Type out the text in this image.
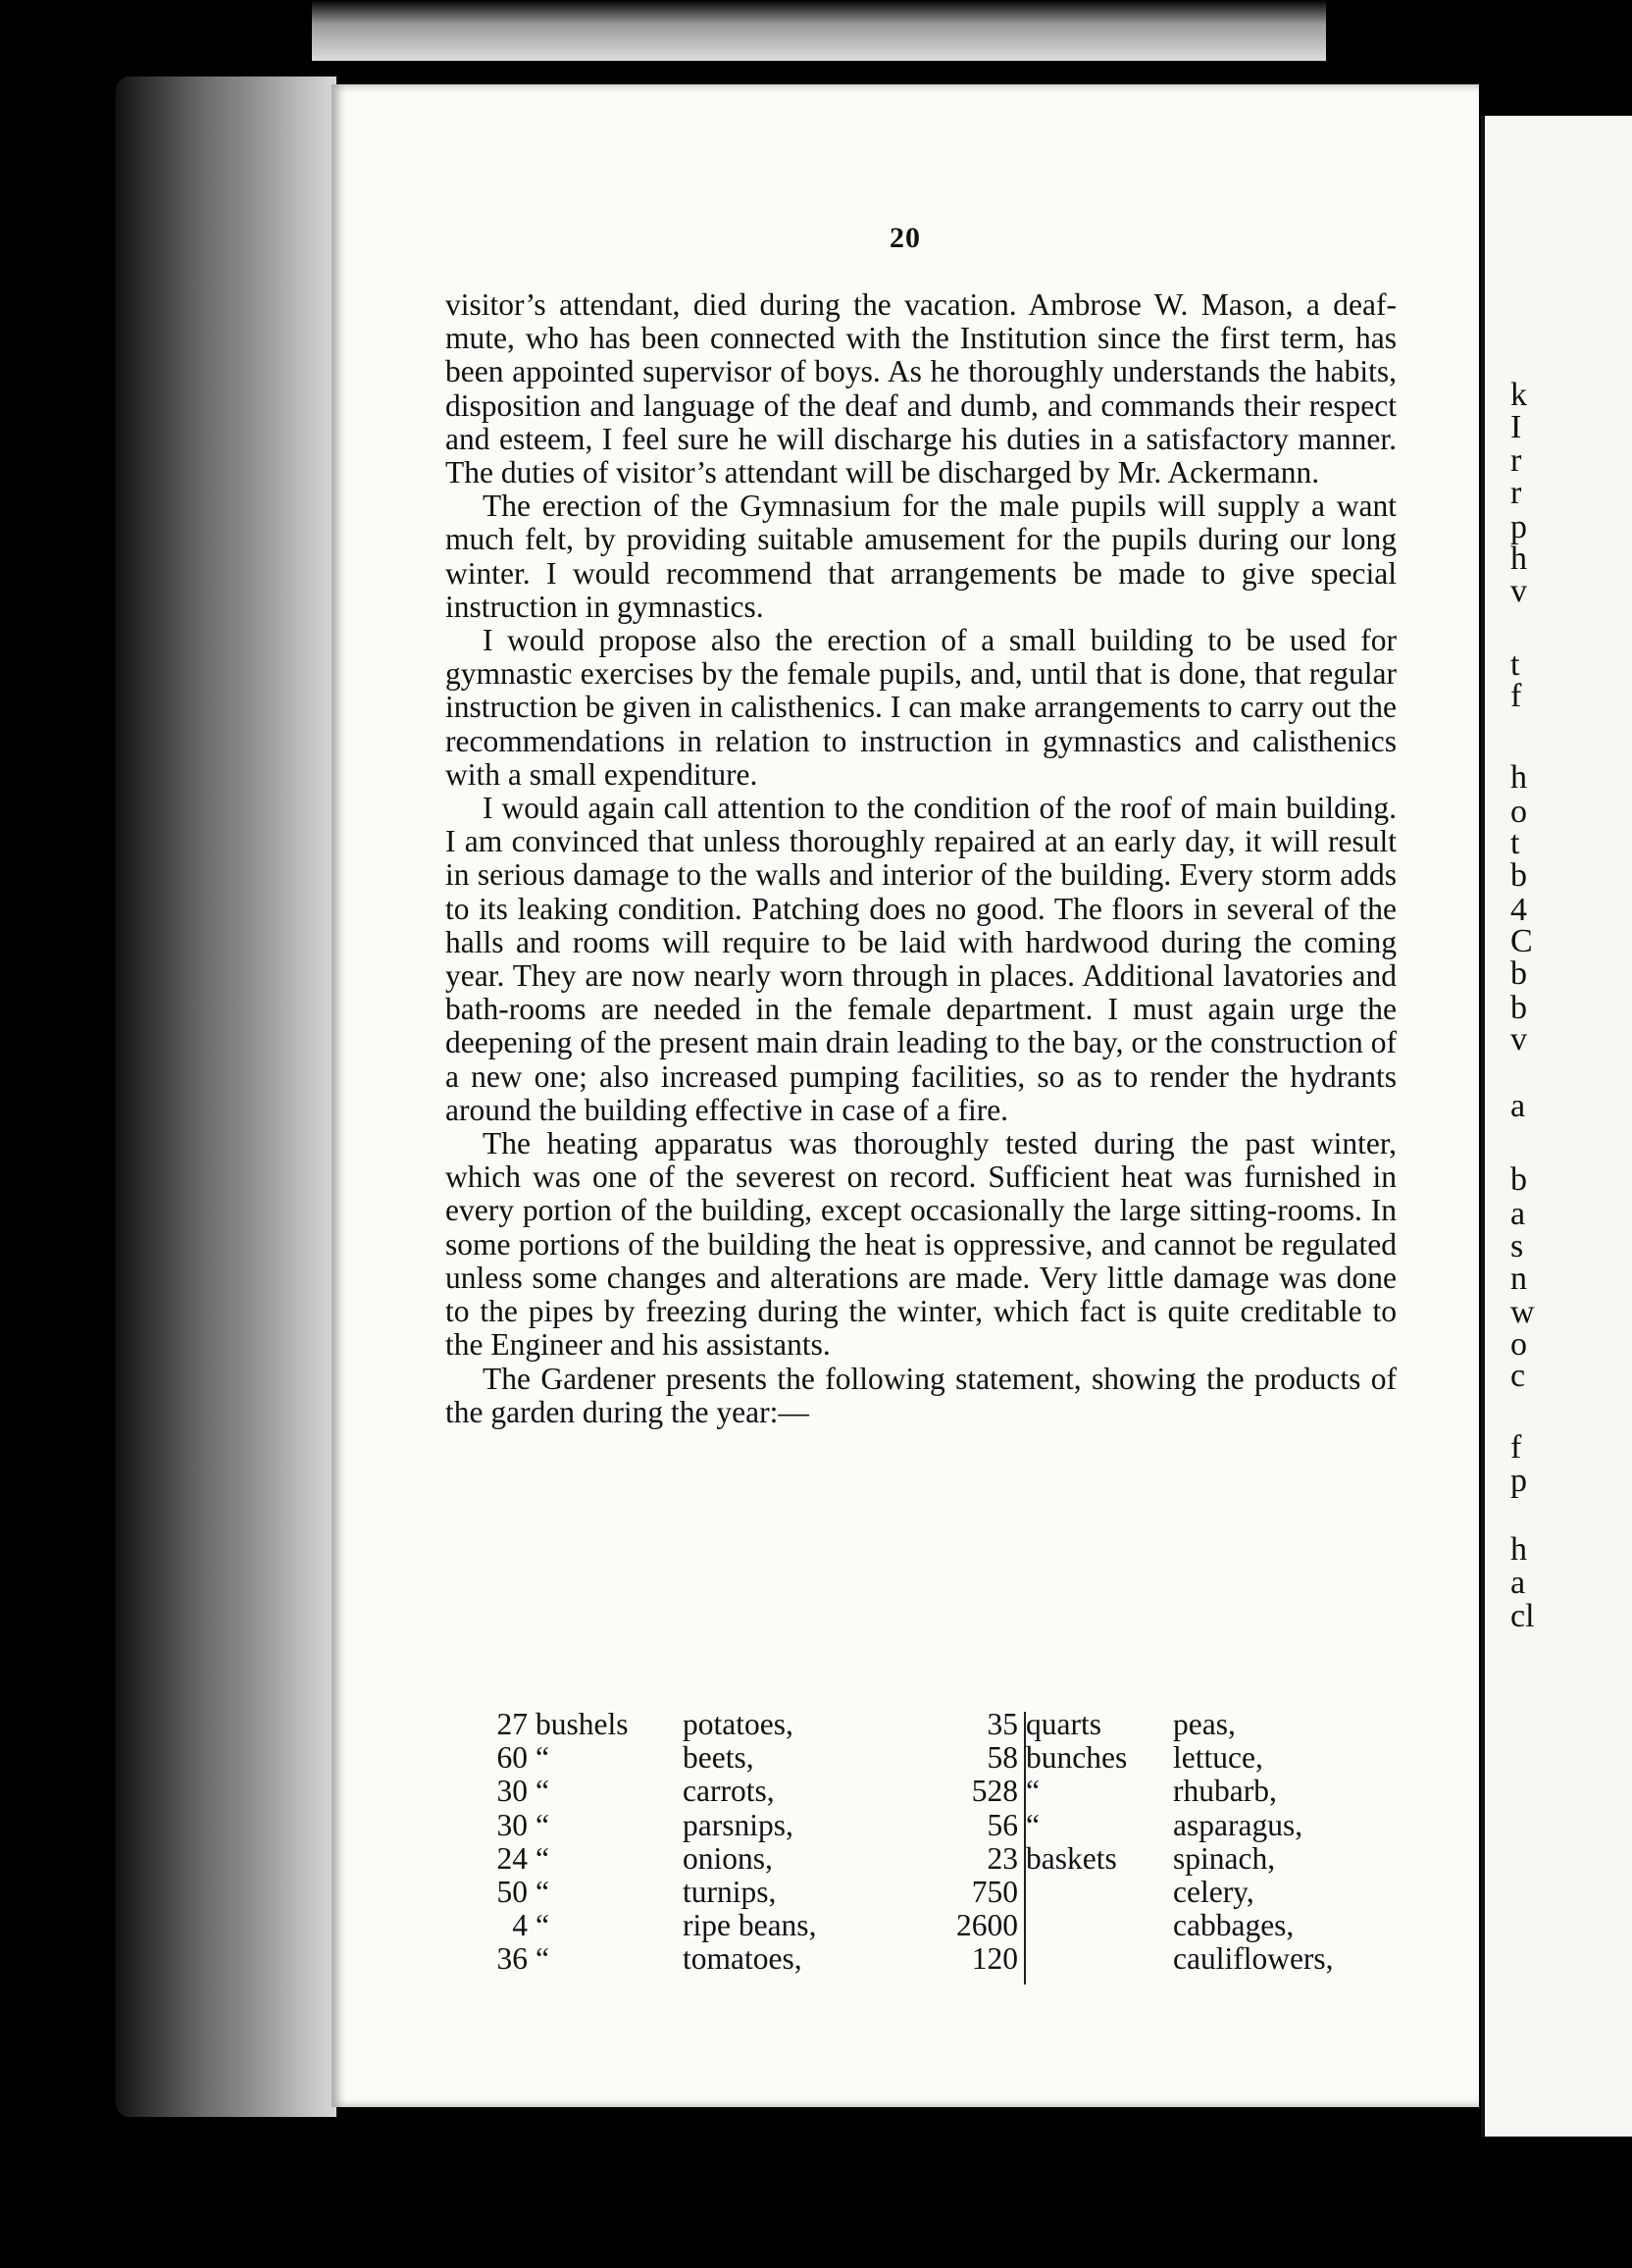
k
I
r
r
p
h
v
t
f
h
o
t
b
4
C
b
b
v
a
b
a
s
n
w
o
c
f
p
h
a
cl
20

visitor’s attendant, died during the vacation. Ambrose W. Mason, a deaf-mute, who has been connected with the Institution since the first term, has been appointed supervisor of boys. As he thoroughly understands the habits, disposition and language of the deaf and dumb, and commands their respect and esteem, I feel sure he will discharge his duties in a satisfactory manner. The duties of visitor’s attendant will be discharged by Mr. Ackermann.

The erection of the Gymnasium for the male pupils will supply a want much felt, by providing suitable amusement for the pupils during our long winter. I would recommend that arrangements be made to give special instruction in gymnastics.

I would propose also the erection of a small building to be used for gymnastic exercises by the female pupils, and, until that is done, that regular instruction be given in calisthenics. I can make arrangements to carry out the recommendations in relation to instruction in gymnastics and calisthenics with a small expenditure.

I would again call attention to the condition of the roof of main building. I am convinced that unless thoroughly repaired at an early day, it will result in serious damage to the walls and interior of the building. Every storm adds to its leaking condition. Patching does no good. The floors in several of the halls and rooms will require to be laid with hardwood during the coming year. They are now nearly worn through in places. Additional lavatories and bath-rooms are needed in the female department. I must again urge the deepening of the present main drain leading to the bay, or the construction of a new one; also increased pumping facilities, so as to render the hydrants around the building effective in case of a fire.

The heating apparatus was thoroughly tested during the past winter, which was one of the severest on record. Sufficient heat was furnished in every portion of the building, except occasionally the large sitting-rooms. In some portions of the building the heat is oppressive, and cannot be regulated unless some changes and alterations are made. Very little damage was done to the pipes by freezing during the winter, which fact is quite creditable to the Engineer and his assistants.

The Gardener presents the following statement, showing the products of the garden during the year:—

27 bushels	potatoes,
60 “	beets,
30 “	carrots,
30 “	parsnips,
24 “	onions,
50 “	turnips,
4 “	ripe beans,
36 “	tomatoes,
35 quarts	peas,
58 bunches	lettuce,
528 “	rhubarb,
56 “	asparagus,
23 baskets	spinach,
750	celery,
2600	cabbages,
120	cauliflowers,
